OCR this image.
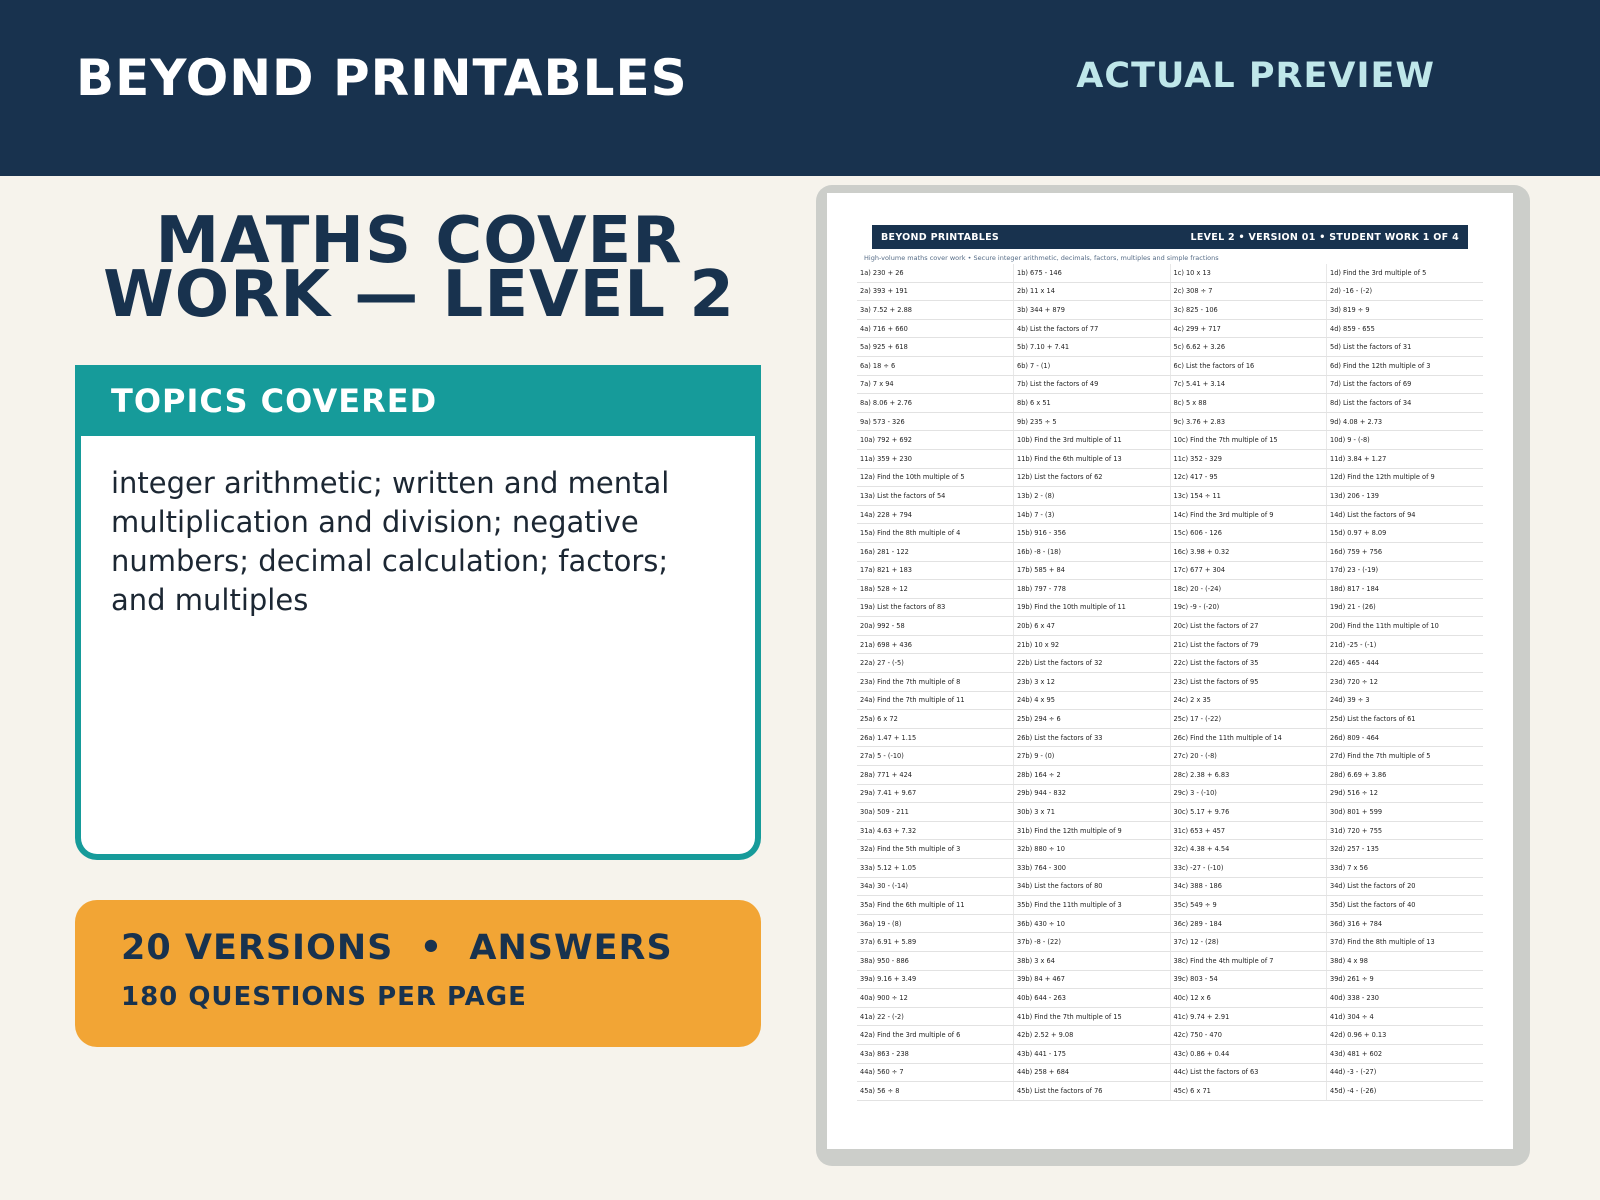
BEYOND PRINTABLES	ACTUAL PREVIEW
MATHS COVER WORK — LEVEL 2
TOPICS COVERED
integer arithmetic; written and mental multiplication and division; negative numbers; decimal calculation; factors; and multiples
20 VERSIONS  •  ANSWERS
180 QUESTIONS PER PAGE
BEYOND PRINTABLES	LEVEL 2 • VERSION 01 • STUDENT WORK 1 OF 4
High-volume maths cover work • Secure integer arithmetic, decimals, factors, multiples and simple fractions
1a) 230 + 26	1b) 675 - 146	1c) 10 x 13	1d) Find the 3rd multiple of 5
2a) 393 + 191	2b) 11 x 14	2c) 308 ÷ 7	2d) -16 - (-2)
3a) 7.52 + 2.88	3b) 344 + 879	3c) 825 - 106	3d) 819 ÷ 9
4a) 716 + 660	4b) List the factors of 77	4c) 299 + 717	4d) 859 - 655
5a) 925 + 618	5b) 7.10 + 7.41	5c) 6.62 + 3.26	5d) List the factors of 31
6a) 18 ÷ 6	6b) 7 - (1)	6c) List the factors of 16	6d) Find the 12th multiple of 3
7a) 7 x 94	7b) List the factors of 49	7c) 5.41 + 3.14	7d) List the factors of 69
8a) 8.06 + 2.76	8b) 6 x 51	8c) 5 x 88	8d) List the factors of 34
9a) 573 - 326	9b) 235 ÷ 5	9c) 3.76 + 2.83	9d) 4.08 + 2.73
10a) 792 + 692	10b) Find the 3rd multiple of 11	10c) Find the 7th multiple of 15	10d) 9 - (-8)
11a) 359 + 230	11b) Find the 6th multiple of 13	11c) 352 - 329	11d) 3.84 + 1.27
12a) Find the 10th multiple of 5	12b) List the factors of 62	12c) 417 - 95	12d) Find the 12th multiple of 9
13a) List the factors of 54	13b) 2 - (8)	13c) 154 ÷ 11	13d) 206 - 139
14a) 228 + 794	14b) 7 - (3)	14c) Find the 3rd multiple of 9	14d) List the factors of 94
15a) Find the 8th multiple of 4	15b) 916 - 356	15c) 606 - 126	15d) 0.97 + 8.09
16a) 281 - 122	16b) -8 - (18)	16c) 3.98 + 0.32	16d) 759 + 756
17a) 821 + 183	17b) 585 + 84	17c) 677 + 304	17d) 23 - (-19)
18a) 528 ÷ 12	18b) 797 - 778	18c) 20 - (-24)	18d) 817 - 184
19a) List the factors of 83	19b) Find the 10th multiple of 11	19c) -9 - (-20)	19d) 21 - (26)
20a) 992 - 58	20b) 6 x 47	20c) List the factors of 27	20d) Find the 11th multiple of 10
21a) 698 + 436	21b) 10 x 92	21c) List the factors of 79	21d) -25 - (-1)
22a) 27 - (-5)	22b) List the factors of 32	22c) List the factors of 35	22d) 465 - 444
23a) Find the 7th multiple of 8	23b) 3 x 12	23c) List the factors of 95	23d) 720 ÷ 12
24a) Find the 7th multiple of 11	24b) 4 x 95	24c) 2 x 35	24d) 39 ÷ 3
25a) 6 x 72	25b) 294 ÷ 6	25c) 17 - (-22)	25d) List the factors of 61
26a) 1.47 + 1.15	26b) List the factors of 33	26c) Find the 11th multiple of 14	26d) 809 - 464
27a) 5 - (-10)	27b) 9 - (0)	27c) 20 - (-8)	27d) Find the 7th multiple of 5
28a) 771 + 424	28b) 164 ÷ 2	28c) 2.38 + 6.83	28d) 6.69 + 3.86
29a) 7.41 + 9.67	29b) 944 - 832	29c) 3 - (-10)	29d) 516 ÷ 12
30a) 509 - 211	30b) 3 x 71	30c) 5.17 + 9.76	30d) 801 + 599
31a) 4.63 + 7.32	31b) Find the 12th multiple of 9	31c) 653 + 457	31d) 720 + 755
32a) Find the 5th multiple of 3	32b) 880 ÷ 10	32c) 4.38 + 4.54	32d) 257 - 135
33a) 5.12 + 1.05	33b) 764 - 300	33c) -27 - (-10)	33d) 7 x 56
34a) 30 - (-14)	34b) List the factors of 80	34c) 388 - 186	34d) List the factors of 20
35a) Find the 6th multiple of 11	35b) Find the 11th multiple of 3	35c) 549 ÷ 9	35d) List the factors of 40
36a) 19 - (8)	36b) 430 ÷ 10	36c) 289 - 184	36d) 316 + 784
37a) 6.91 + 5.89	37b) -8 - (22)	37c) 12 - (28)	37d) Find the 8th multiple of 13
38a) 950 - 886	38b) 3 x 64	38c) Find the 4th multiple of 7	38d) 4 x 98
39a) 9.16 + 3.49	39b) 84 + 467	39c) 803 - 54	39d) 261 ÷ 9
40a) 900 ÷ 12	40b) 644 - 263	40c) 12 x 6	40d) 338 - 230
41a) 22 - (-2)	41b) Find the 7th multiple of 15	41c) 9.74 + 2.91	41d) 304 ÷ 4
42a) Find the 3rd multiple of 6	42b) 2.52 + 9.08	42c) 750 - 470	42d) 0.96 + 0.13
43a) 863 - 238	43b) 441 - 175	43c) 0.86 + 0.44	43d) 481 + 602
44a) 560 ÷ 7	44b) 258 + 684	44c) List the factors of 63	44d) -3 - (-27)
45a) 56 ÷ 8	45b) List the factors of 76	45c) 6 x 71	45d) -4 - (-26)
